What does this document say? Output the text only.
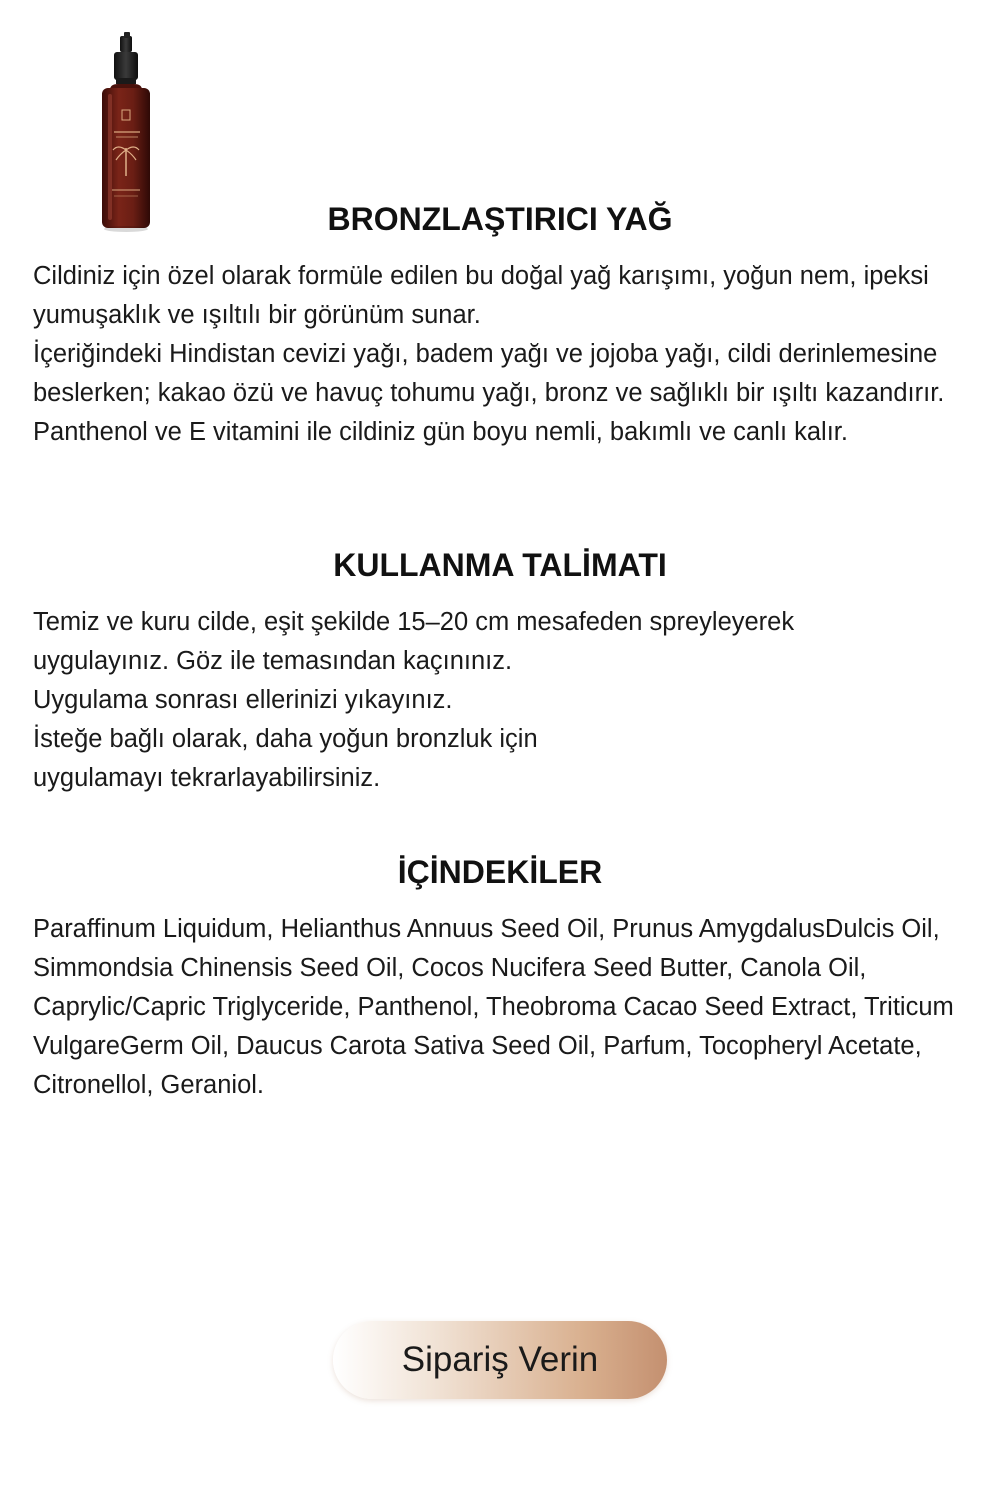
BRONZLAŞTIRICI YAĞ

Cildiniz için özel olarak formüle edilen bu doğal yağ karışımı, yoğun nem, ipeksi yumuşaklık ve ışıltılı bir görünüm sunar.

İçeriğindeki Hindistan cevizi yağı, badem yağı ve jojoba yağı, cildi derinlemesine beslerken; kakao özü ve havuç tohumu yağı, bronz ve sağlıklı bir ışıltı kazandırır.

Panthenol ve E vitamini ile cildiniz gün boyu nemli, bakımlı ve canlı kalır.

KULLANMA TALİMATI

Temiz ve kuru cilde, eşit şekilde 15–20 cm mesafeden spreyleyerek

uygulayınız. Göz ile temasından kaçınınız.

Uygulama sonrası ellerinizi yıkayınız.

İsteğe bağlı olarak, daha yoğun bronzluk için

uygulamayı tekrarlayabilirsiniz.

İÇİNDEKİLER

Paraffinum Liquidum, Helianthus Annuus Seed Oil, Prunus AmygdalusDulcis Oil, Simmondsia Chinensis Seed Oil, Cocos Nucifera Seed Butter, Canola Oil, Caprylic/Capric Triglyceride, Panthenol, Theobroma Cacao Seed Extract, Triticum VulgareGerm Oil, Daucus Carota Sativa Seed Oil, Parfum, Tocopheryl Acetate, Citronellol, Geraniol.

Sipariş Verin
